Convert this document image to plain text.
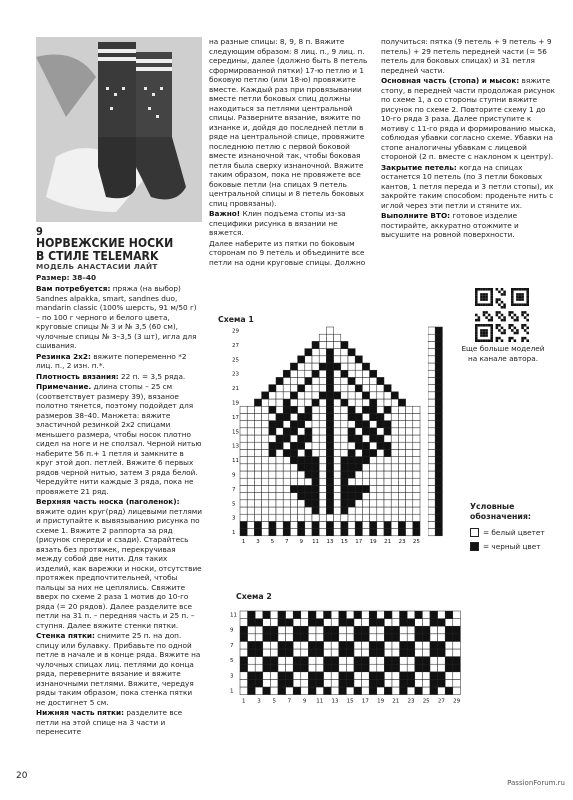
9
НОРВЕЖСКИЕ НОСКИ
В СТИЛЕ TELEMARK
МОДЕЛЬ АНАСТАСИИ ЛАЙТ
Размер: 38–40

Вам потребуется: пряжа (на выбор) Sandnes alpakka, smart, sandnes duo, mandarin classic (100% шерсть, 91 м/50 г) – по 100 г черного и белого цвета, круговые спицы № 3 и № 3,5 (60 см), чулочные спицы № 3–3,5 (3 шт), игла для сшивания.

Резинка 2х2: вяжите попеременно *2 лиц. п., 2 изн. п.*.

Плотность вязания: 22 п. = 3,5 ряда.

Примечание. длина стопы – 25 см (соответствует размеру 39), вязаное полотно тянется, поэтому подойдет для размеров 38–40. Манжета: вяжите эластичной резинкой 2х2 спицами меньшего размера, чтобы носок плотно сидел на ноге и не сползал. Черной нитью наберите 56 п.+ 1 петля и замкните в круг этой доп. петлей. Вяжите 6 первых рядов черной нитью, затем 3 ряда белой. Чередуйте нити каждые 3 ряда, пока не провяжете 21 ряд.

Верхняя часть носка (паголенок): вяжите один круг(ряд) лицевыми петлями и приступайте к вывязыванию рисунка по схеме 1. Вяжите 2 раппорта за ряд (рисунок спереди и сзади). Старайтесь вязать без протяжек, перекручивая между собой две нити. Для таких изделий, как варежки и носки, отсутствие протяжек предпочтительней, чтобы пальцы за них не цеплялись. Свяжите вверх по схеме 2 раза 1 мотив до 10-го ряда (= 20 рядов). Далее разделите все петли на 31 п. – передняя часть и 25 п. – ступня. Далее вяжите стенки пятки.

Стенка пятки: снимите 25 п. на доп. спицу или булавку. Прибавьте по одной петле в начале и в конце ряда. Вяжите на чулочных спицах лиц. петлями до конца ряда, переверните вязание и вяжите изнаночными петлями. Вяжите, чередуя ряды таким образом, пока стенка пятки не достигнет 5 см.

Нижняя часть пятки: разделите все петли на этой спице на 3 части и перенесите

на разные спицы: 8, 9, 8 п. Вяжите следующим образом: 8 лиц. п., 9 лиц. п. середины, далее (должно быть 8 петель сформированной пятки) 17-ю петлю и 1 боковую петлю (или 18-ю) провяжите вместе. Каждый раз при провязывании вместе петли боковых спиц должны находиться за петлями центральной спицы. Разверните вязание, вяжите по изнанке и, дойдя до последней петли в ряде на центральной спице, провяжите последнюю петлю с первой боковой вместе изнаночной так, чтобы боковая петля была сверху изнаночной. Вяжите таким образом, пока не провяжете все боковые петли (на спицах 9 петель центральной спицы и 8 петель боковых спиц провязаны).

Важно! Клин подъема стопы из-за специфики рисунка в вязании не вяжется.

Далее наберите из пятки по боковым сторонам по 9 петель и объедините все петли на одни круговые спицы. Должно

получиться: пятка (9 петель + 9 петель + 9 петель) + 29 петель передней части (= 56 петель для боковых спицах) и 31 петля передней части.

Основная часть (стопа) и мысок: вяжите стопу, в передней части продолжая рисунок по схеме 1, а со стороны ступни вяжите рисунок по схеме 2. Повторите схему 1 до 10-го ряда 3 раза. Далее приступите к мотиву с 11-го ряда и формированию мыска, соблюдая убавки согласно схеме. Убавки на стопе аналогичны убавкам с лицевой стороной (2 п. вместе с наклоном к центру).

Закрытие петель: когда на спицах останется 10 петель (по 3 петли боковых кантов, 1 петля переда и 3 петли стопы), их закройте таким способом: проденьте нить с иглой через эти петли и стяните их.

Выполните ВТО: готовое изделие постирайте, аккуратно отожмите и высушите на ровной поверхности.

Еще больше моделей на канале автора.
Схема 1
1
3
5
7
9
11
13
15
17
19
21
23
25
27
29
1 3 5 7 9 11 13 15 17 19 21 23 25
Схема 2
1
3
5
7
9
11
1 3 5 7 9 11 13 15 17 19 21 23 25 27 29
Условные обозначения:
= белый цветет
= черный цвет
20
PassionForum.ru
